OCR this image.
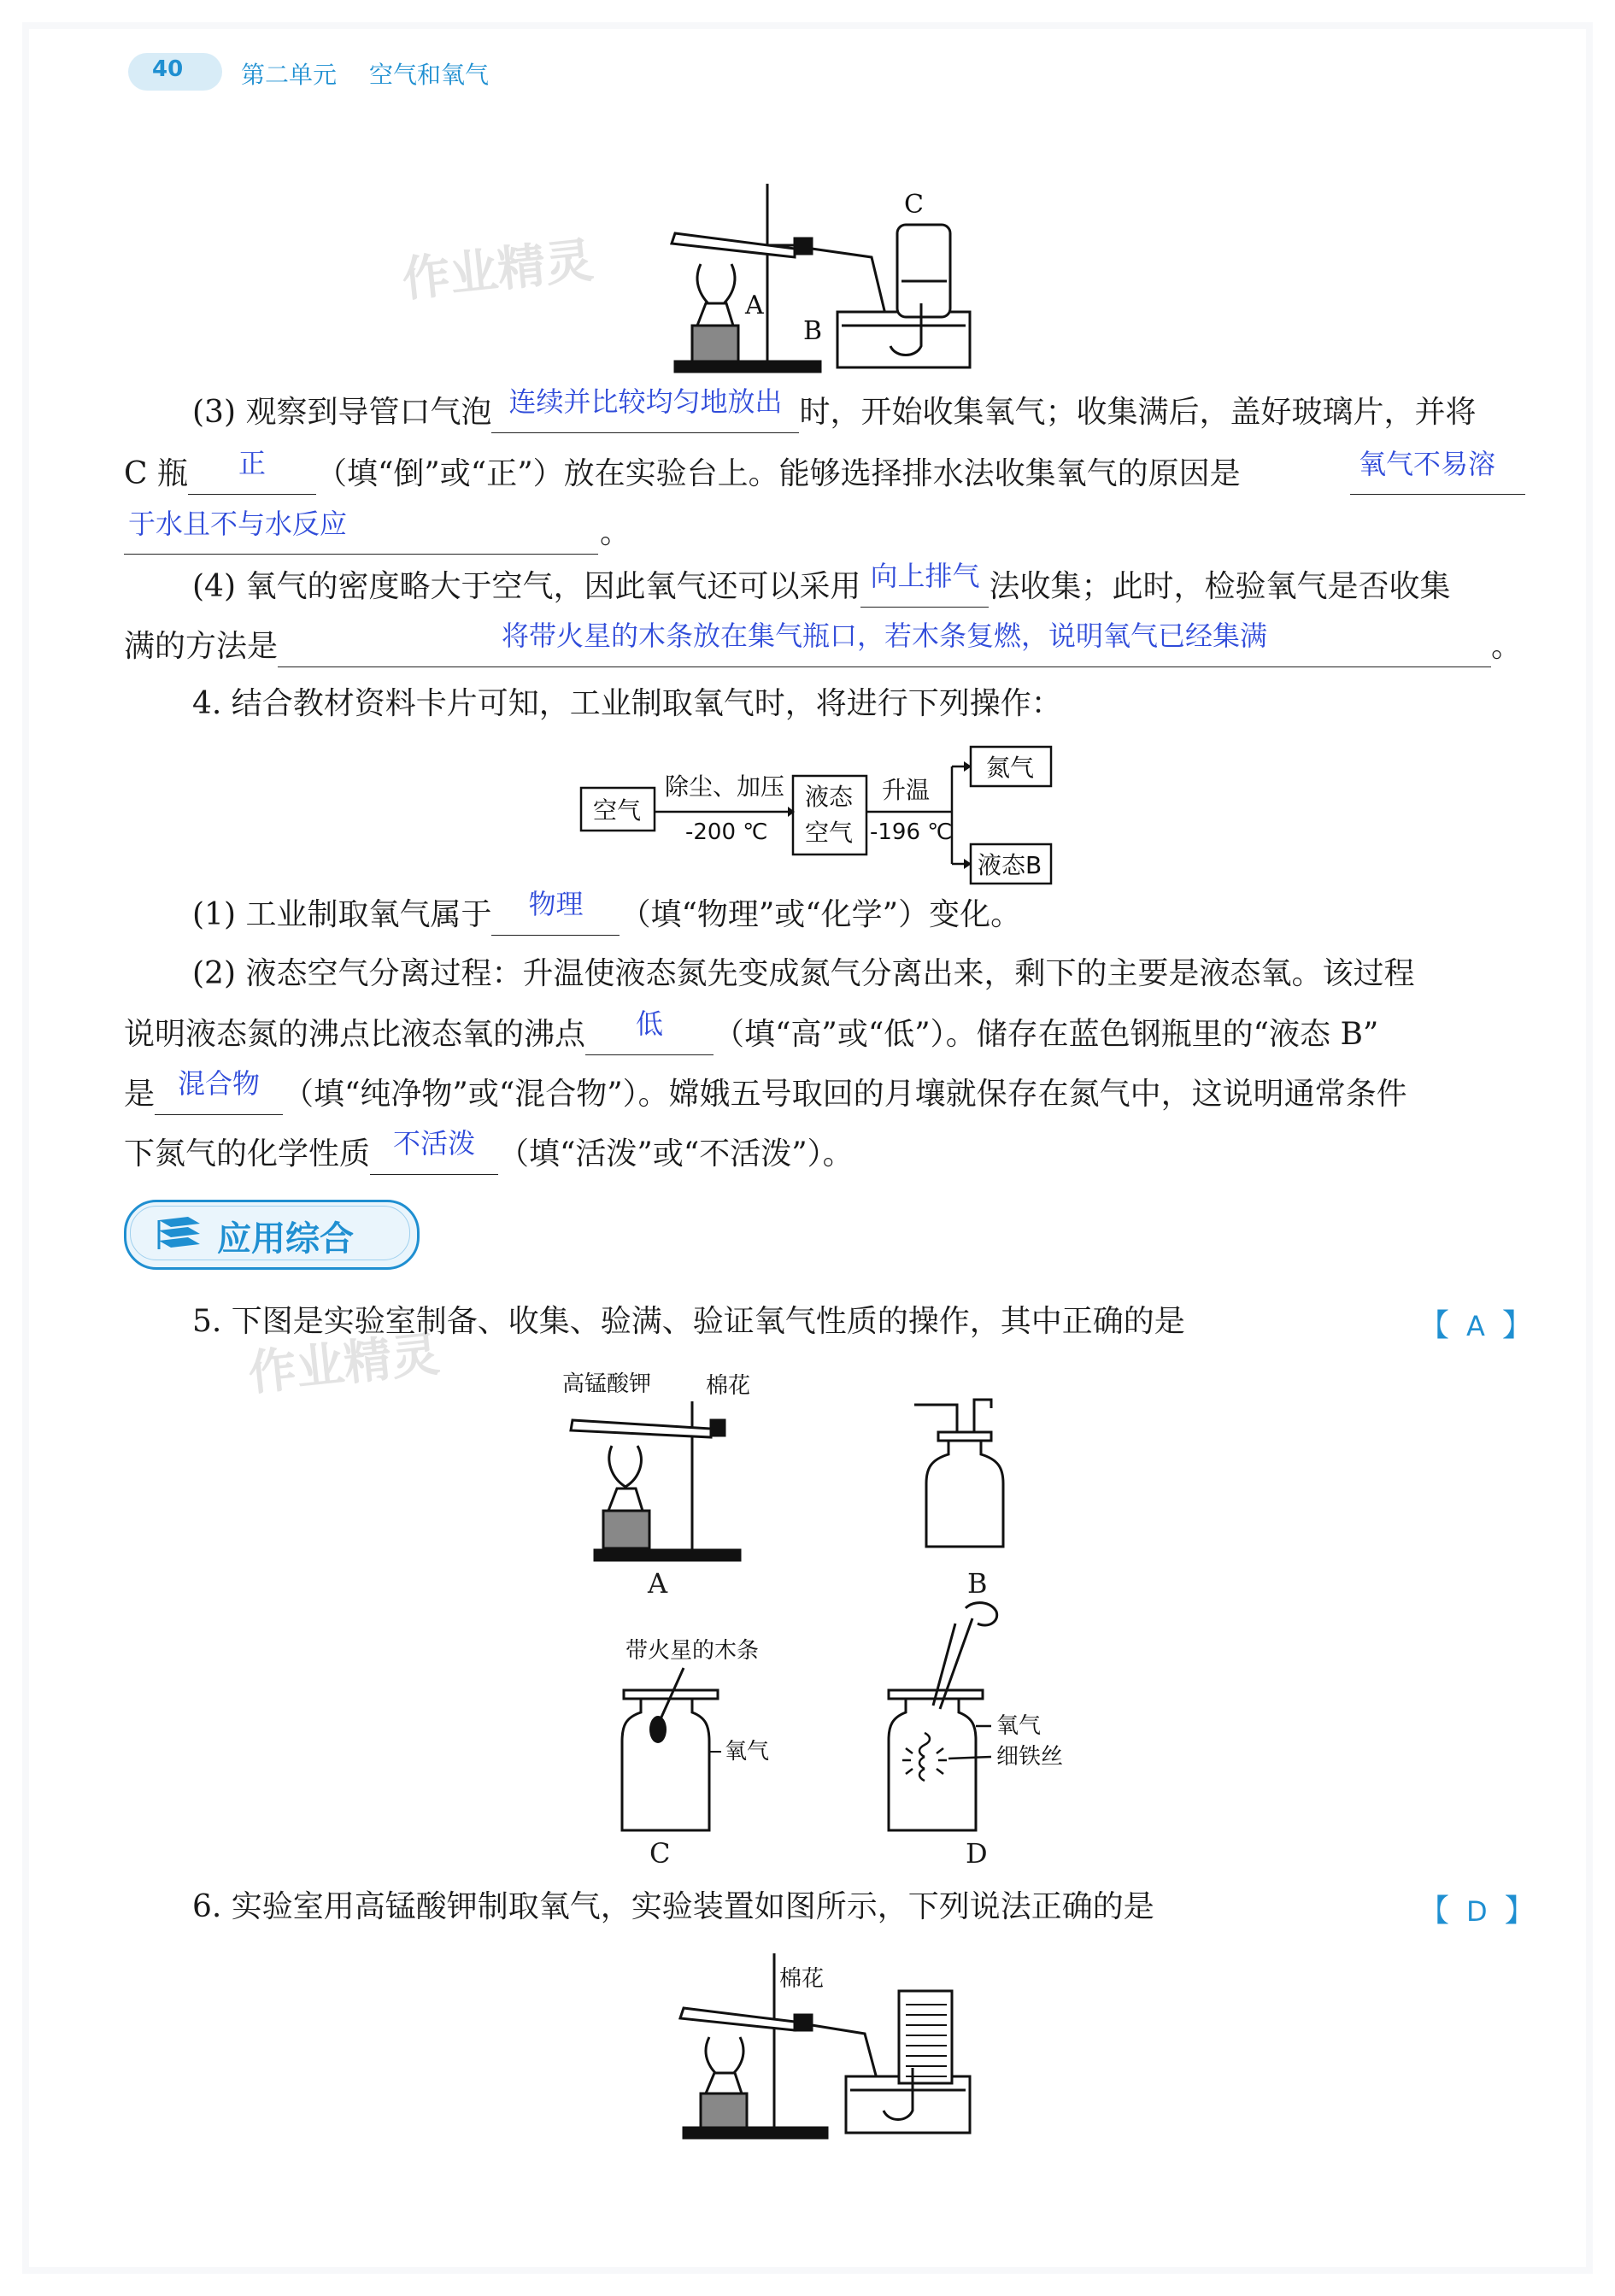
40 第二单元 空气和氧气
作业精灵
作业精灵
C
B
A
(3) 观察到导管口气泡 连续并比较均匀地放出 时，开始收集氧气；收集满后，盖好玻璃片，并将
C 瓶 正 （填“倒”或“正”）放在实验台上。能够选择排水法收集氧气的原因是	氧气不易溶
于水且不与水反应	。
(4) 氧气的密度略大于空气，因此氧气还可以采用 向上排气 法收集；此时，检验氧气是否收集
满的方法是	将带火星的木条放在集气瓶口，若木条复燃，说明氧气已经集满	。
4. 结合教材资料卡片可知，工业制取氧气时，将进行下列操作：
空气
除尘、加压
-200 ℃
液态
空气
升温
-196 ℃
氮气
液态B
(1) 工业制取氧气属于 物理 （填“物理”或“化学”）变化。
(2) 液态空气分离过程：升温使液态氮先变成氮气分离出来，剩下的主要是液态氧。该过程
说明液态氮的沸点比液态氧的沸点 低 （填“高”或“低”）。储存在蓝色钢瓶里的“液态 B”
是 混合物 （填“纯净物”或“混合物”）。嫦娥五号取回的月壤就保存在氮气中，这说明通常条件
下氮气的化学性质 不活泼 （填“活泼”或“不活泼”）。
应用综合
5. 下图是实验室制备、收集、验满、验证氧气性质的操作，其中正确的是	【 A 】
高锰酸钾 棉花
A	B
带火星的木条
氧气
C
氧气
细铁丝
D
6. 实验室用高锰酸钾制取氧气，实验装置如图所示，下列说法正确的是	【 D 】
棉花
